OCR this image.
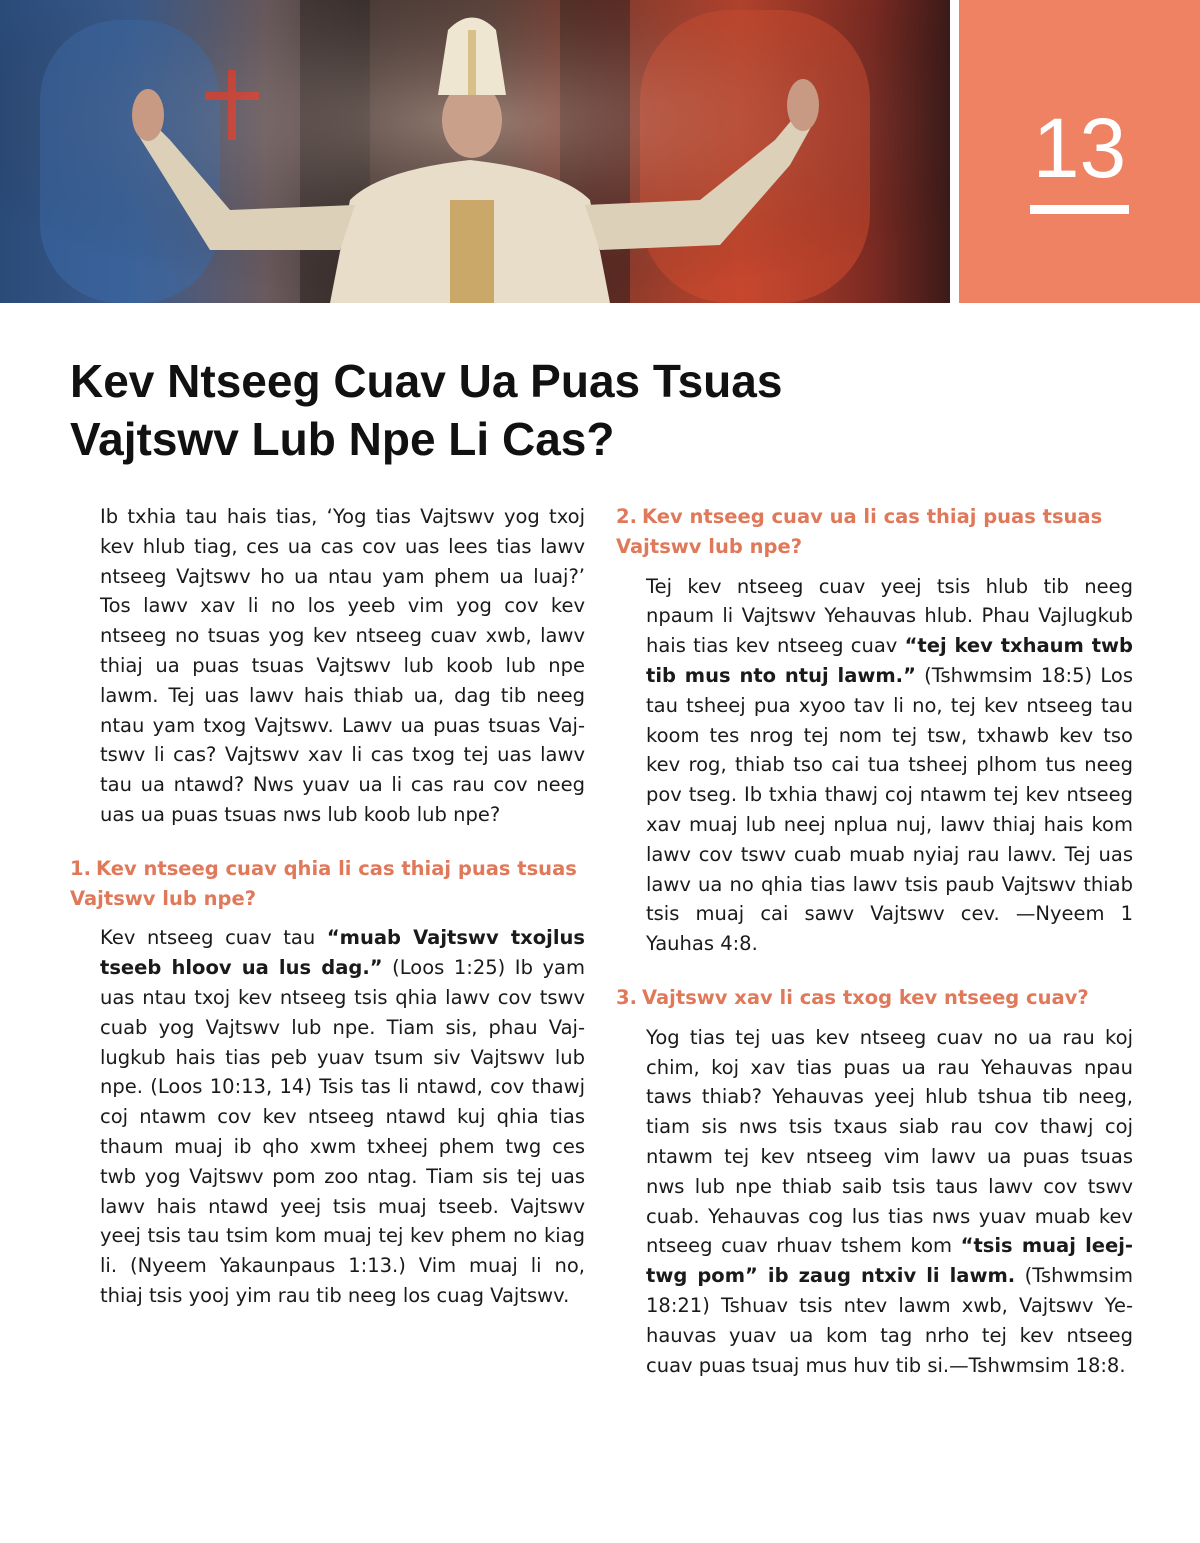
13
Kev Ntseeg Cuav Ua Puas Tsuas Vajtswv Lub Npe Li Cas?

Ib txhia tau hais tias, ‘Yog tias Vajtswv yog txoj kev hlub tiag, ces ua cas cov uas lees tias lawv ntseeg Vajtswv ho ua ntau yam phem ua luaj?’ Tos lawv xav li no los yeeb vim yog cov kev ntseeg no tsuas yog kev ntseeg cuav xwb, lawv thiaj ua puas tsuas Vajtswv lub koob lub npe lawm. Tej uas lawv hais thiab ua, dag tib neeg ntau yam txog Vajtswv. Lawv ua puas tsuas Vajtswv li cas? Vajtswv xav li cas txog tej uas lawv tau ua ntawd? Nws yuav ua li cas rau cov neeg uas ua puas tsuas nws lub koob lub npe?

1. Kev ntseeg cuav qhia li cas thiaj puas tsuas Vajtswv lub npe?

Kev ntseeg cuav tau “muab Vajtswv txojlus tseeb hloov ua lus dag.” (Loos 1:25) Ib yam uas ntau txoj kev ntseeg tsis qhia lawv cov tswv cuab yog Vajtswv lub npe. Tiam sis, phau Vajlugkub hais tias peb yuav tsum siv Vajtswv lub npe. (Loos 10:13, 14) Tsis tas li ntawd, cov thawj coj ntawm cov kev ntseeg ntawd kuj qhia tias thaum muaj ib qho xwm txheej phem twg ces twb yog Vajtswv pom zoo ntag. Tiam sis tej uas lawv hais ntawd yeej tsis muaj tseeb. Vajtswv yeej tsis tau tsim kom muaj tej kev phem no kiag li. (Nyeem Yakaunpaus 1:13.) Vim muaj li no, thiaj tsis yooj yim rau tib neeg los cuag Vajtswv.

2. Kev ntseeg cuav ua li cas thiaj puas tsuas Vajtswv lub npe?

Tej kev ntseeg cuav yeej tsis hlub tib neeg npaum li Vajtswv Yehauvas hlub. Phau Vajlugkub hais tias kev ntseeg cuav “tej kev txhaum twb tib mus nto ntuj lawm.” (Tshwmsim 18:5) Los tau tsheej pua xyoo tav li no, tej kev ntseeg tau koom tes nrog tej nom tej tsw, txhawb kev tso kev rog, thiab tso cai tua tsheej plhom tus neeg pov tseg. Ib txhia thawj coj ntawm tej kev ntseeg xav muaj lub neej nplua nuj, lawv thiaj hais kom lawv cov tswv cuab muab nyiaj rau lawv. Tej uas lawv ua no qhia tias lawv tsis paub Vajtswv thiab tsis muaj cai sawv Vajtswv cev. —Nyeem 1 Yauhas 4:8.

3. Vajtswv xav li cas txog kev ntseeg cuav?

Yog tias tej uas kev ntseeg cuav no ua rau koj chim, koj xav tias puas ua rau Yehauvas npau taws thiab? Yehauvas yeej hlub tshua tib neeg, tiam sis nws tsis txaus siab rau cov thawj coj ntawm tej kev ntseeg vim lawv ua puas tsuas nws lub npe thiab saib tsis taus lawv cov tswv cuab. Yehauvas cog lus tias nws yuav muab kev ntseeg cuav rhuav tshem kom “tsis muaj leejtwg pom” ib zaug ntxiv li lawm. (Tshwmsim 18:21) Tshuav tsis ntev lawm xwb, Vajtswv Yehauvas yuav ua kom tag nrho tej kev ntseeg cuav puas tsuaj mus huv tib si.—Tshwmsim 18:8.
